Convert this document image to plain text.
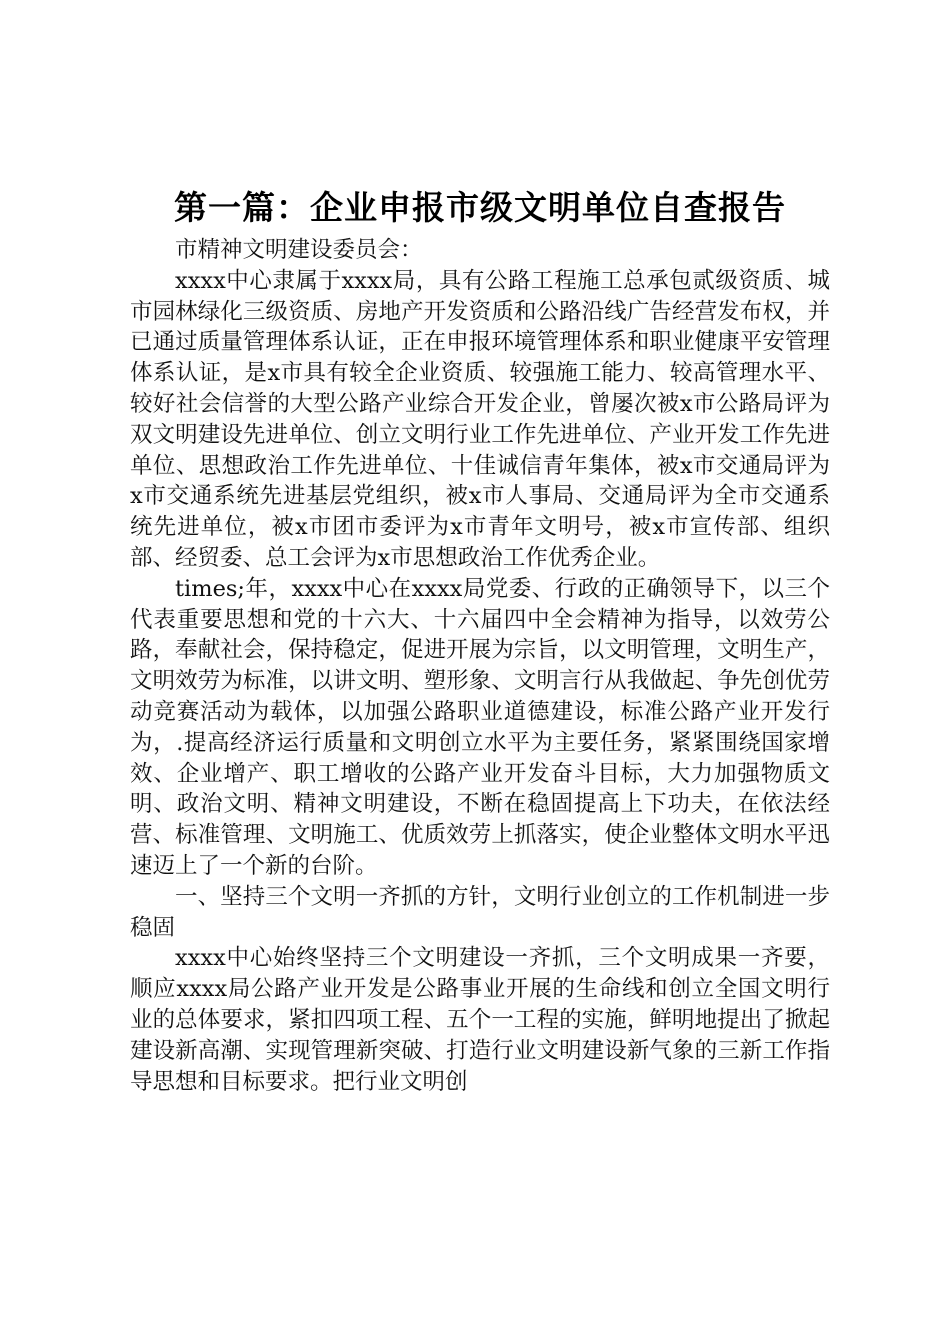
第一篇：企业申报市级文明单位自查报告

市精神文明建设委员会：

xxxx中心隶属于xxxx局，具有公路工程施工总承包贰级资质、城市园林绿化三级资质、房地产开发资质和公路沿线广告经营发布权，并已通过质量管理体系认证，正在申报环境管理体系和职业健康平安管理体系认证，是x市具有较全企业资质、较强施工能力、较高管理水平、较好社会信誉的大型公路产业综合开发企业，曾屡次被x市公路局评为双文明建设先进单位、创立文明行业工作先进单位、产业开发工作先进单位、思想政治工作先进单位、十佳诚信青年集体，被x市交通局评为x市交通系统先进基层党组织，被x市人事局、交通局评为全市交通系统先进单位，被x市团市委评为x市青年文明号，被x市宣传部、组织部、经贸委、总工会评为x市思想政治工作优秀企业。

times;年，xxxx中心在xxxx局党委、行政的正确领导下，以三个代表重要思想和党的十六大、十六届四中全会精神为指导，以效劳公路，奉献社会，保持稳定，促进开展为宗旨，以文明管理，文明生产，文明效劳为标准，以讲文明、塑形象、文明言行从我做起、争先创优劳动竞赛活动为载体，以加强公路职业道德建设，标准公路产业开发行为，.提高经济运行质量和文明创立水平为主要任务，紧紧围绕国家增效、企业增产、职工增收的公路产业开发奋斗目标，大力加强物质文明、政治文明、精神文明建设，不断在稳固提高上下功夫，在依法经营、标准管理、文明施工、优质效劳上抓落实，使企业整体文明水平迅速迈上了一个新的台阶。

一、坚持三个文明一齐抓的方针，文明行业创立的工作机制进一步稳固

xxxx中心始终坚持三个文明建设一齐抓，三个文明成果一齐要，顺应xxxx局公路产业开发是公路事业开展的生命线和创立全国文明行业的总体要求，紧扣四项工程、五个一工程的实施，鲜明地提出了掀起建设新高潮、实现管理新突破、打造行业文明建设新气象的三新工作指导思想和目标要求。把行业文明创
